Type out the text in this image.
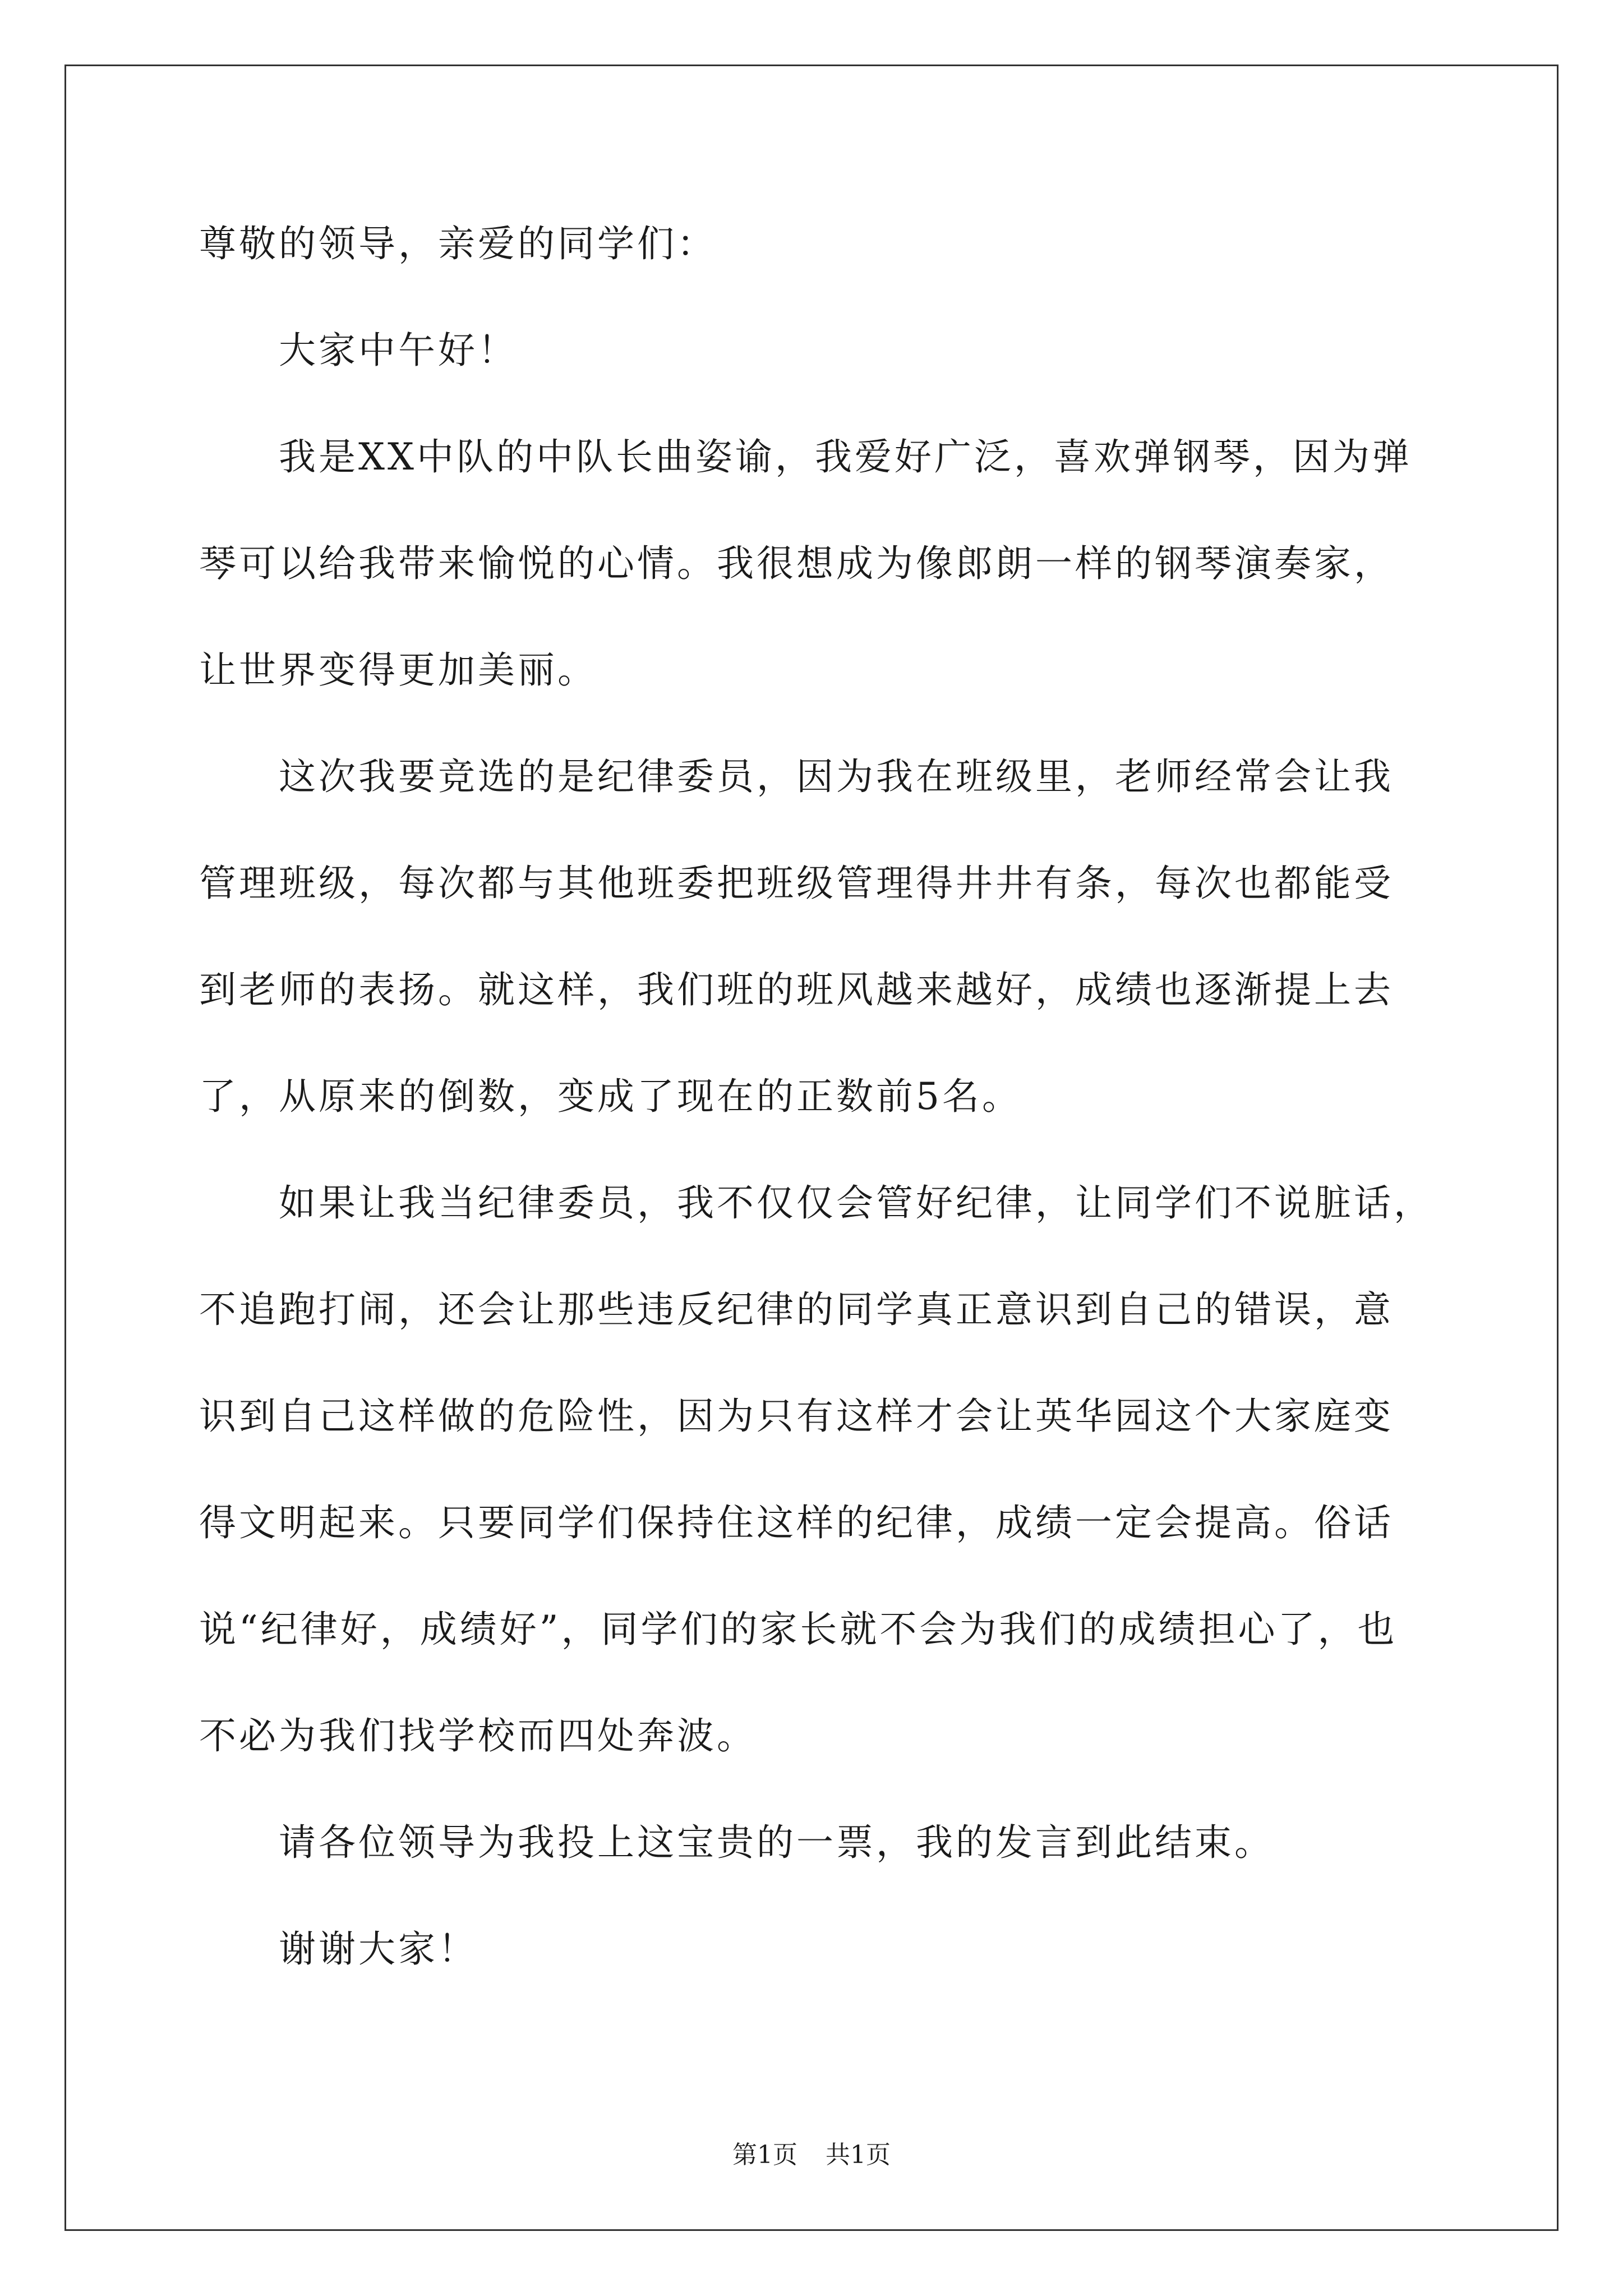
尊敬的领导，亲爱的同学们：
　　大家中午好！
　　我是XX中队的中队长曲姿谕，我爱好广泛，喜欢弹钢琴，因为弹
琴可以给我带来愉悦的心情。我很想成为像郎朗一样的钢琴演奏家，
让世界变得更加美丽。
　　这次我要竞选的是纪律委员，因为我在班级里，老师经常会让我
管理班级，每次都与其他班委把班级管理得井井有条，每次也都能受
到老师的表扬。就这样，我们班的班风越来越好，成绩也逐渐提上去
了，从原来的倒数，变成了现在的正数前5名。
　　如果让我当纪律委员，我不仅仅会管好纪律，让同学们不说脏话，
不追跑打闹，还会让那些违反纪律的同学真正意识到自己的错误，意
识到自己这样做的危险性，因为只有这样才会让英华园这个大家庭变
得文明起来。只要同学们保持住这样的纪律，成绩一定会提高。俗话
说“纪律好，成绩好”，同学们的家长就不会为我们的成绩担心了，也
不必为我们找学校而四处奔波。
　　请各位领导为我投上这宝贵的一票，我的发言到此结束。
　　谢谢大家！
第1页 共1页
